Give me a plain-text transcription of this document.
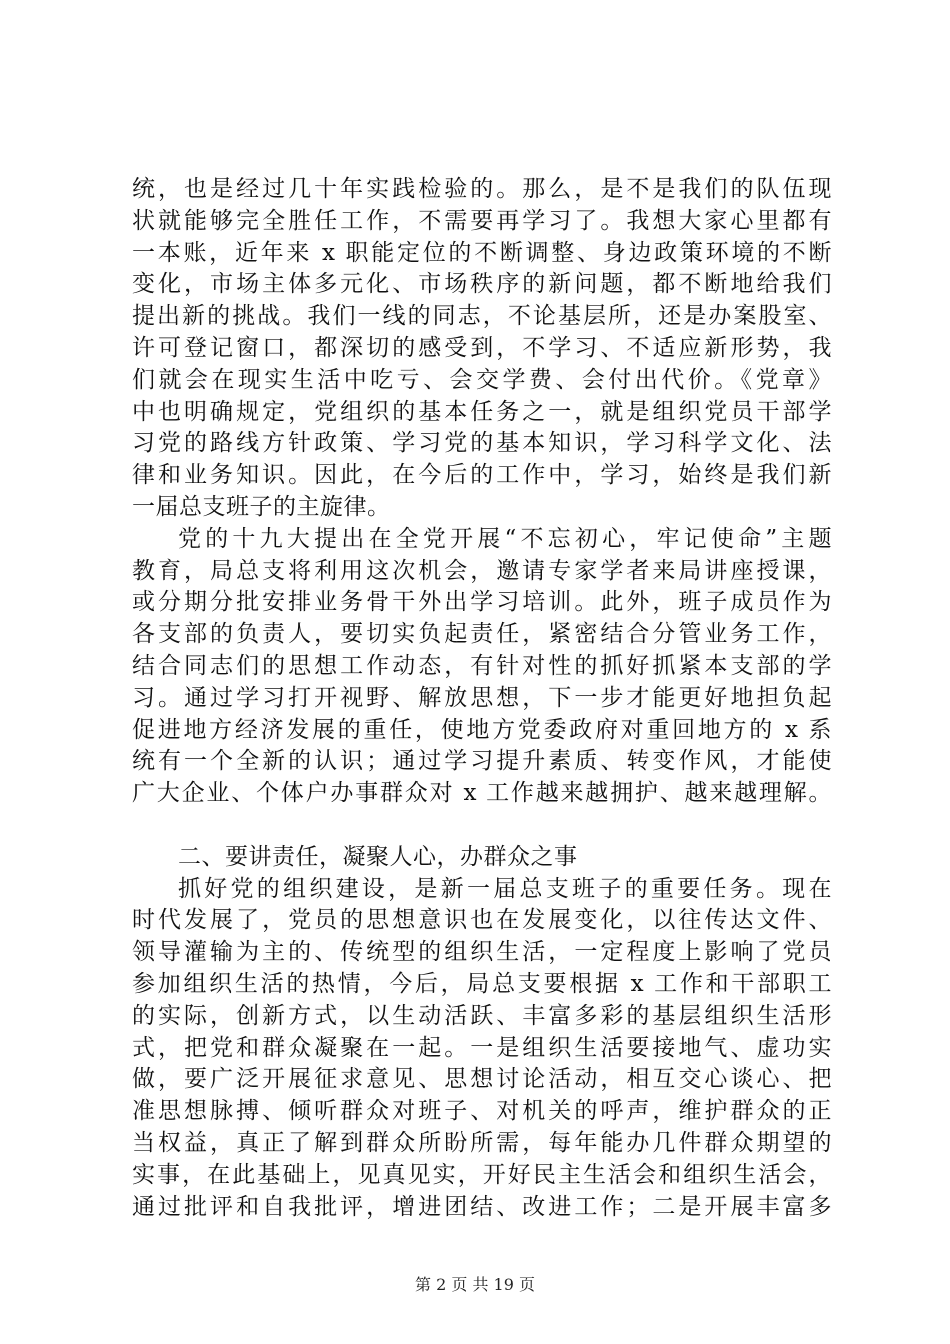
统，也是经过几十年实践检验的。那么，是不是我们的队伍现
状就能够完全胜任工作，不需要再学习了。我想大家心里都有
一本账，近年来 x 职能定位的不断调整、身边政策环境的不断
变化，市场主体多元化、市场秩序的新问题，都不断地给我们
提出新的挑战。我们一线的同志，不论基层所，还是办案股室、
许可登记窗口，都深切的感受到，不学习、不适应新形势，我
们就会在现实生活中吃亏、会交学费、会付出代价。《党章》
中也明确规定，党组织的基本任务之一，就是组织党员干部学
习党的路线方针政策、学习党的基本知识，学习科学文化、法
律和业务知识。因此，在今后的工作中，学习，始终是我们新
一届总支班子的主旋律。
党的十九大提出在全党开展“不忘初心，牢记使命”主题
教育，局总支将利用这次机会，邀请专家学者来局讲座授课，
或分期分批安排业务骨干外出学习培训。此外，班子成员作为
各支部的负责人，要切实负起责任，紧密结合分管业务工作，
结合同志们的思想工作动态，有针对性的抓好抓紧本支部的学
习。通过学习打开视野、解放思想，下一步才能更好地担负起
促进地方经济发展的重任，使地方党委政府对重回地方的 x 系
统有一个全新的认识；通过学习提升素质、转变作风，才能使
广大企业、个体户办事群众对 x 工作越来越拥护、越来越理解。
二、要讲责任，凝聚人心，办群众之事
抓好党的组织建设，是新一届总支班子的重要任务。现在
时代发展了，党员的思想意识也在发展变化，以往传达文件、
领导灌输为主的、传统型的组织生活，一定程度上影响了党员
参加组织生活的热情，今后，局总支要根据 x 工作和干部职工
的实际，创新方式，以生动活跃、丰富多彩的基层组织生活形
式，把党和群众凝聚在一起。一是组织生活要接地气、虚功实
做，要广泛开展征求意见、思想讨论活动，相互交心谈心、把
准思想脉搏、倾听群众对班子、对机关的呼声，维护群众的正
当权益，真正了解到群众所盼所需，每年能办几件群众期望的
实事，在此基础上，见真见实，开好民主生活会和组织生活会，
通过批评和自我批评，增进团结、改进工作；二是开展丰富多
第 2 页 共 19 页
